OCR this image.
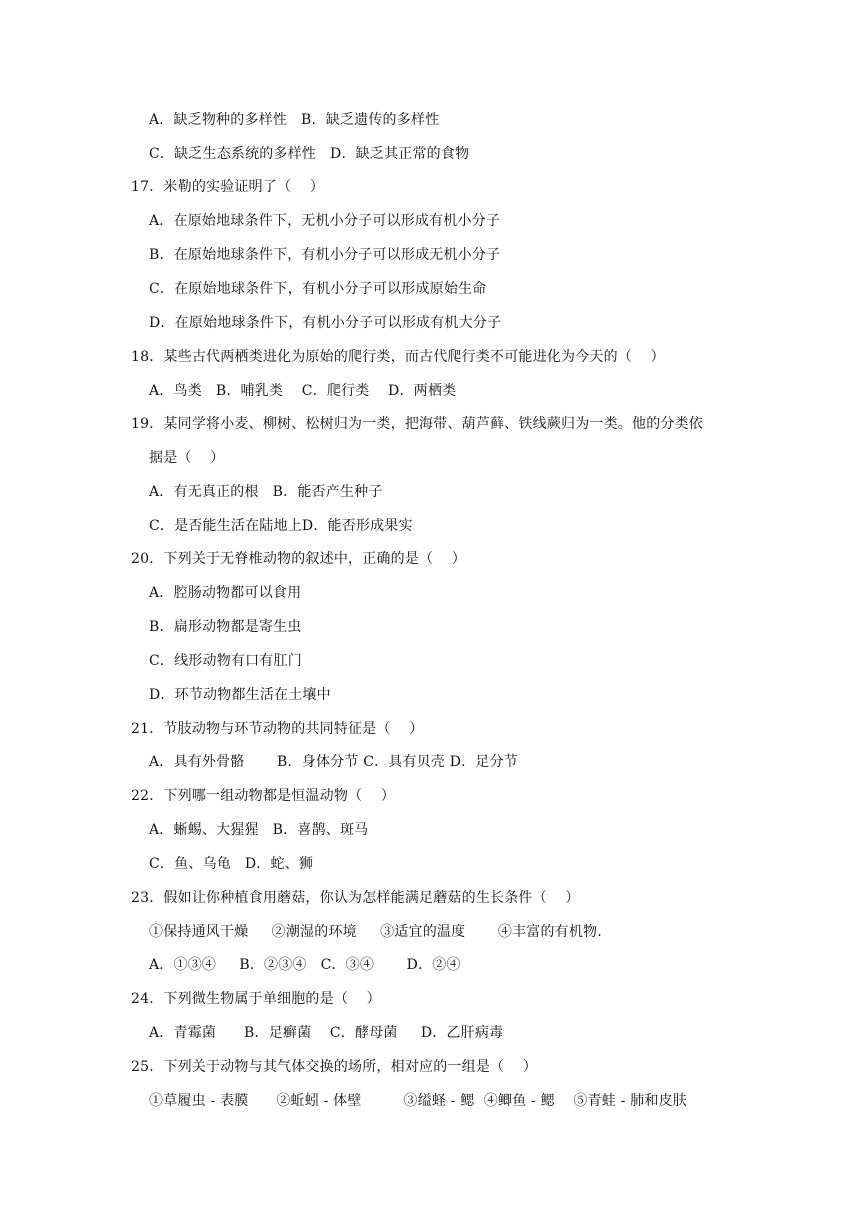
A．缺乏物种的多样性   B．缺乏遗传的多样性
C．缺乏生态系统的多样性   D．缺乏其正常的食物
17．米勒的实验证明了（    ）
A．在原始地球条件下，无机小分子可以形成有机小分子
B．在原始地球条件下，有机小分子可以形成无机小分子
C．在原始地球条件下，有机小分子可以形成原始生命
D．在原始地球条件下，有机小分子可以形成有机大分子
18．某些古代两栖类进化为原始的爬行类，而古代爬行类不可能进化为今天的（    ）
A．鸟类   B．哺乳类    C．爬行类    D．两栖类
19．某同学将小麦、柳树、松树归为一类，把海带、葫芦藓、铁线蕨归为一类。他的分类依
据是（    ）
A．有无真正的根   B．能否产生种子
C．是否能生活在陆地上D．能否形成果实
20．下列关于无脊椎动物的叙述中，正确的是（    ）
A．腔肠动物都可以食用
B．扁形动物都是寄生虫
C．线形动物有口有肛门
D．环节动物都生活在土壤中
21．节肢动物与环节动物的共同特征是（    ）
A．具有外骨骼       B．身体分节 C．具有贝壳 D．足分节
22．下列哪一组动物都是恒温动物（    ）
A．蜥蜴、大猩猩   B．喜鹊、斑马
C．鱼、乌龟   D．蛇、狮
23．假如让你种植食用蘑菇，你认为怎样能满足蘑菇的生长条件（    ）
①保持通风干燥     ②潮湿的环境     ③适宜的温度       ④丰富的有机物.
A．①③④     B．②③④   C．③④       D．②④
24．下列微生物属于单细胞的是（    ）
A．青霉菌      B．足癣菌    C．酵母菌     D．乙肝病毒
25．下列关于动物与其气体交换的场所，相对应的一组是（    ）
①草履虫 - 表膜      ②蚯蚓 - 体壁         ③缢蛏 - 鳃  ④鲫鱼 - 鳃    ⑤青蛙 - 肺和皮肤
